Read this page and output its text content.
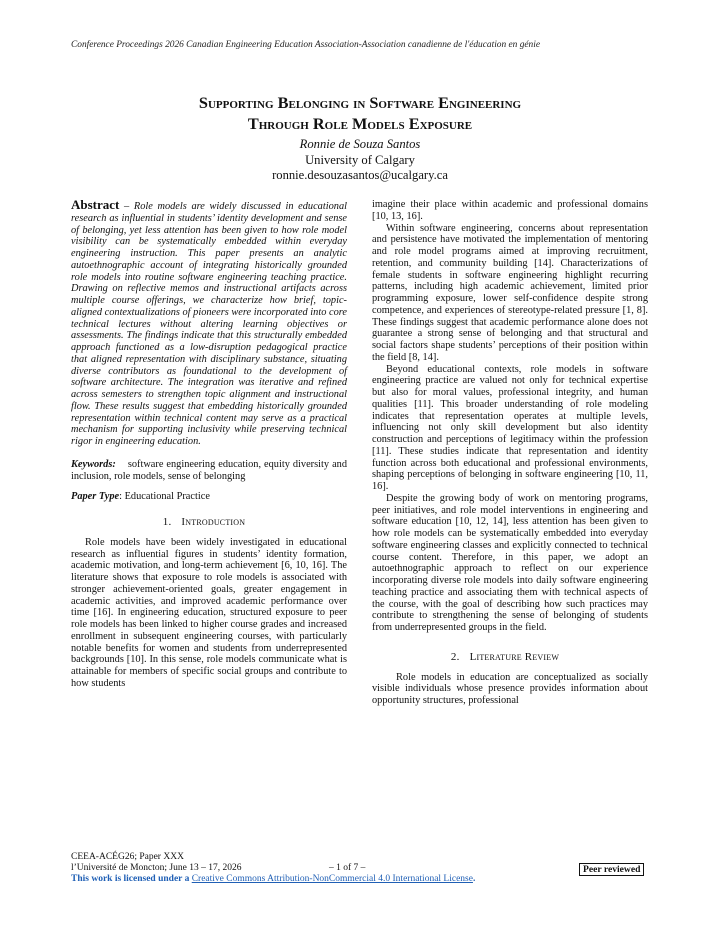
Conference Proceedings 2026 Canadian Engineering Education Association-Association canadienne de l'éducation en génie
Supporting Belonging in Software Engineering
Through Role Models Exposure
Ronnie de Souza Santos
University of Calgary
ronnie.desouzasantos@ucalgary.ca

Abstract – Role models are widely discussed in educational research as influential in students’ identity development and sense of belonging, yet less attention has been given to how role model visibility can be systematically embedded within everyday engineering instruction. This paper presents an analytic autoethnographic account of integrating historically grounded role models into routine software engineering teaching practice. Drawing on reflective memos and instructional artifacts across multiple course offerings, we characterize how brief, topic-aligned contextualizations of pioneers were incorporated into core technical lectures without altering learning objectives or assessments. The findings indicate that this structurally embedded approach functioned as a low-disruption pedagogical practice that aligned representation with disciplinary substance, situating diverse contributors as foundational to the development of software architecture. The integration was iterative and refined across semesters to strengthen topic alignment and instructional flow. These results suggest that embedding historically grounded representation within technical content may serve as a practical mechanism for supporting inclusivity while preserving technical rigor in engineering education.

Keywords: software engineering education, equity diversity and inclusion, role models, sense of belonging

Paper Type: Educational Practice

1. Introduction

Role models have been widely investigated in educational research as influential figures in students’ identity formation, academic motivation, and long-term achievement [6, 10, 16]. The literature shows that exposure to role models is associated with stronger achievement-oriented goals, greater engagement in academic activities, and improved academic performance over time [16]. In engineering education, structured exposure to peer role models has been linked to higher course grades and increased enrollment in subsequent engineering courses, with particularly notable benefits for women and students from underrepresented backgrounds [10]. In this sense, role models communicate what is attainable for members of specific social groups and contribute to how students

imagine their place within academic and professional domains [10, 13, 16].

Within software engineering, concerns about representation and persistence have motivated the implementation of mentoring and role model programs aimed at improving recruitment, retention, and community building [14]. Characterizations of female students in software engineering highlight recurring patterns, including high academic achievement, limited prior programming exposure, lower self-confidence despite strong competence, and experiences of stereotype-related pressure [1, 8]. These findings suggest that academic performance alone does not guarantee a strong sense of belonging and that structural and social factors shape students’ perceptions of their position within the field [8, 14].

Beyond educational contexts, role models in software engineering practice are valued not only for technical expertise but also for moral values, professional integrity, and human qualities [11]. This broader understanding of role modeling indicates that representation operates at multiple levels, influencing not only skill development but also identity construction and perceptions of legitimacy within the profession [11]. These studies indicate that representation and identity function across both educational and professional environments, shaping perceptions of belonging in software engineering [10, 11, 16].

Despite the growing body of work on mentoring programs, peer initiatives, and role model interventions in engineering and software education [10, 12, 14], less attention has been given to how role models can be systematically embedded into everyday software engineering classes and explicitly connected to technical course content. Therefore, in this paper, we adopt an autoethnographic approach to reflect on our experience incorporating diverse role models into daily software engineering teaching practice and associating them with technical aspects of the course, with the goal of describing how such practices may contribute to strengthening the sense of belonging of students from underrepresented groups in the field.

2. Literature Review

Role models in education are conceptualized as socially visible individuals whose presence provides information about opportunity structures, professional

CEEA-ACÉG26; Paper XXX
l’Université de Moncton; June 13 – 17, 2026	– 1 of 7 –
This work is licensed under a Creative Commons Attribution-NonCommercial 4.0 International License.
Peer reviewed
